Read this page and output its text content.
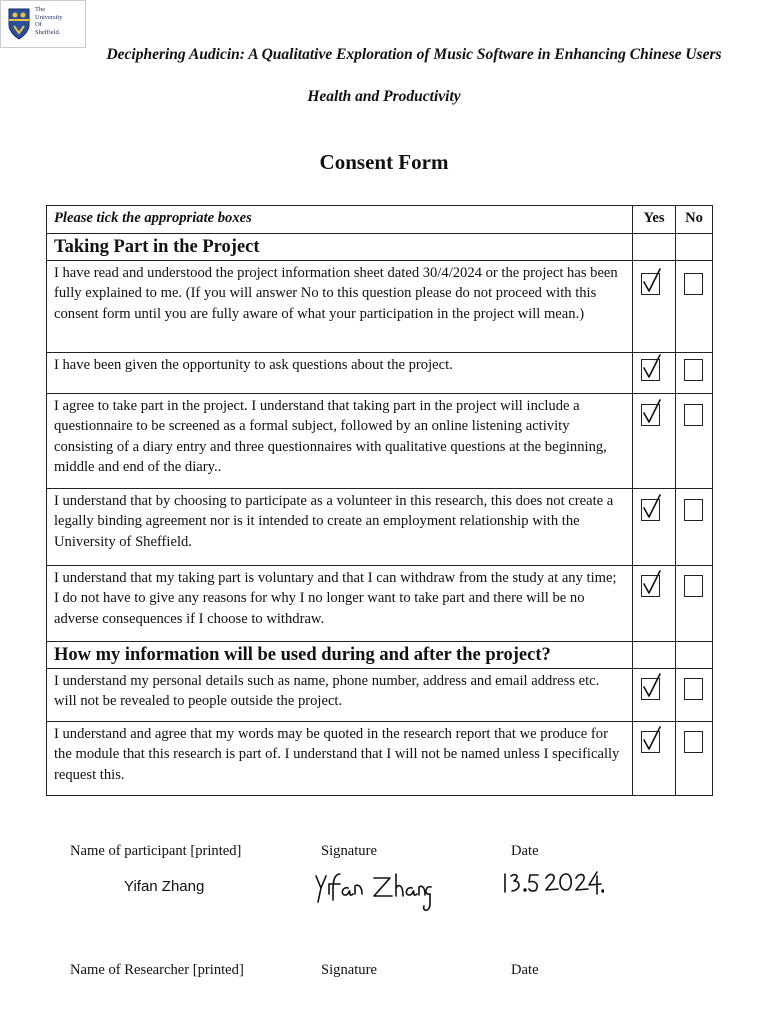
The
University
Of
Sheffield.
Deciphering Audicin: A Qualitative Exploration of Music Software in Enhancing Chinese Users
Health and Productivity
Consent Form
Please tick the appropriate boxes	Yes	No
Taking Part in the Project		
I have read and understood the project information sheet dated 30/4/2024 or the project has been fully explained to me. (If you will answer No to this question please do not proceed with this consent form until you are fully aware of what your participation in the project will mean.)	

I have been given the opportunity to ask questions about the project.	

I agree to take part in the project. I understand that taking part in the project will include a questionnaire to be screened as a formal subject, followed by an online listening activity consisting of a diary entry and three questionnaires with qualitative questions at the beginning, middle and end of the diary..	

I understand that by choosing to participate as a volunteer in this research, this does not create a legally binding agreement nor is it intended to create an employment relationship with the University of Sheffield.	

I understand that my taking part is voluntary and that I can withdraw from the study at any time; I do not have to give any reasons for why I no longer want to take part and there will be no adverse consequences if I choose to withdraw.	

How my information will be used during and after the project?		
I understand my personal details such as name, phone number, address and email address etc. will not be revealed to people outside the project.	

I understand and agree that my words may be quoted in the research report that we produce for the module that this research is part of. I understand that I will not be named unless I specifically request this.	

Name of participant [printed]	Signature	Date
Yifan Zhang
Name of Researcher [printed]	Signature	Date
